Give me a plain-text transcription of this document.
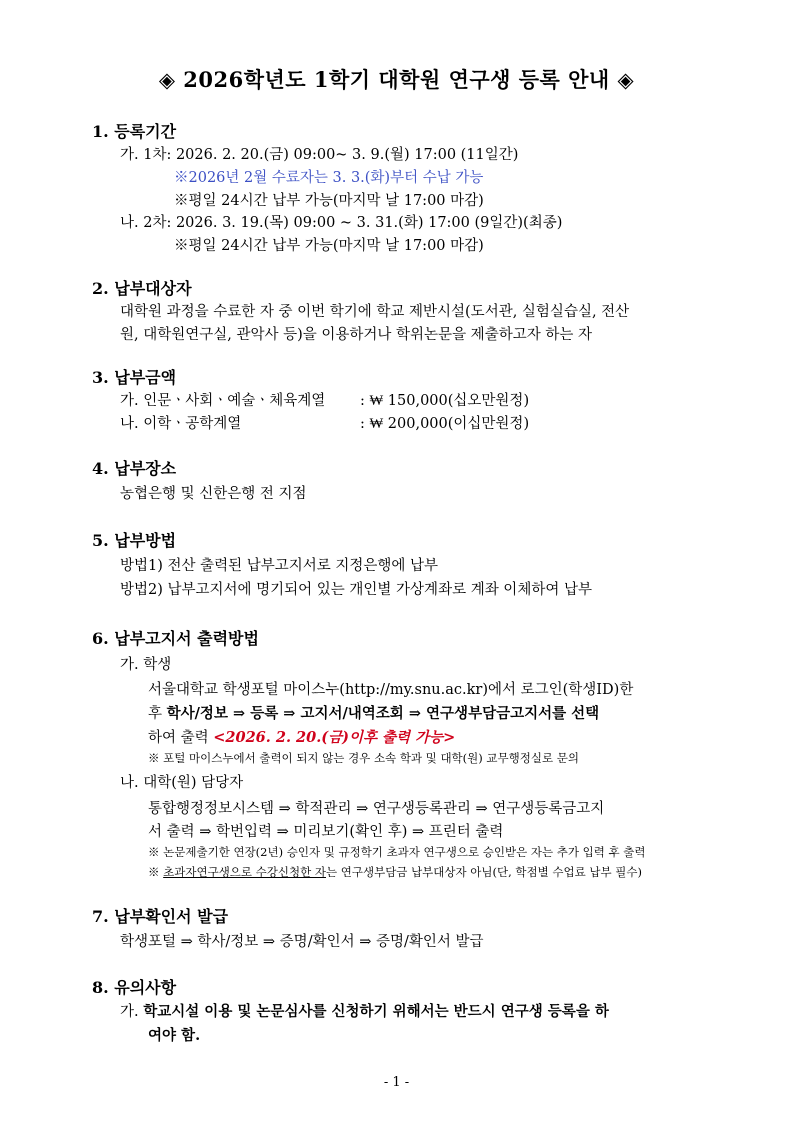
◈ 2026학년도 1학기 대학원 연구생 등록 안내 ◈
1. 등록기간
가. 1차: 2026. 2. 20.(금) 09:00~ 3. 9.(월) 17:00 (11일간)
※2026년 2월 수료자는 3. 3.(화)부터 수납 가능
※평일 24시간 납부 가능(마지막 날 17:00 마감)
나. 2차: 2026. 3. 19.(목) 09:00 ~ 3. 31.(화) 17:00 (9일간)(최종)
※평일 24시간 납부 가능(마지막 날 17:00 마감)
2. 납부대상자
대학원 과정을 수료한 자 중 이번 학기에 학교 제반시설(도서관, 실험실습실, 전산
원, 대학원연구실, 관악사 등)을 이용하거나 학위논문을 제출하고자 하는 자
3. 납부금액
가. 인문ㆍ사회ㆍ예술ㆍ체육계열 : ₩ 150,000(십오만원정)
나. 이학ㆍ공학계열	: ₩ 200,000(이십만원정)
4. 납부장소
농협은행 및 신한은행 전 지점
5. 납부방법
방법1) 전산 출력된 납부고지서로 지정은행에 납부
방법2) 납부고지서에 명기되어 있는 개인별 가상계좌로 계좌 이체하여 납부
6. 납부고지서 출력방법
가. 학생
서울대학교 학생포털 마이스누(http://my.snu.ac.kr)에서 로그인(학생ID)한
후 학사/정보 ⇒ 등록 ⇒ 고지서/내역조회 ⇒ 연구생부담금고지서를 선택
하여 출력 <2026. 2. 20.(금)이후 출력 가능>
※ 포털 마이스누에서 출력이 되지 않는 경우 소속 학과 및 대학(원) 교무행정실로 문의
나. 대학(원) 담당자
통합행정정보시스템 ⇒ 학적관리 ⇒ 연구생등록관리 ⇒ 연구생등록금고지
서 출력 ⇒ 학번입력 ⇒ 미리보기(확인 후) ⇒ 프린터 출력
※ 논문제출기한 연장(2년) 승인자 및 규정학기 초과자 연구생으로 승인받은 자는 추가 입력 후 출력
※ 초과자연구생으로 수강신청한 자는 연구생부담금 납부대상자 아님(단, 학점별 수업료 납부 필수)
7. 납부확인서 발급
학생포털 ⇒ 학사/정보 ⇒ 증명/확인서 ⇒ 증명/확인서 발급
8. 유의사항
가. 학교시설 이용 및 논문심사를 신청하기 위해서는 반드시 연구생 등록을 하
여야 함.
- 1 -
